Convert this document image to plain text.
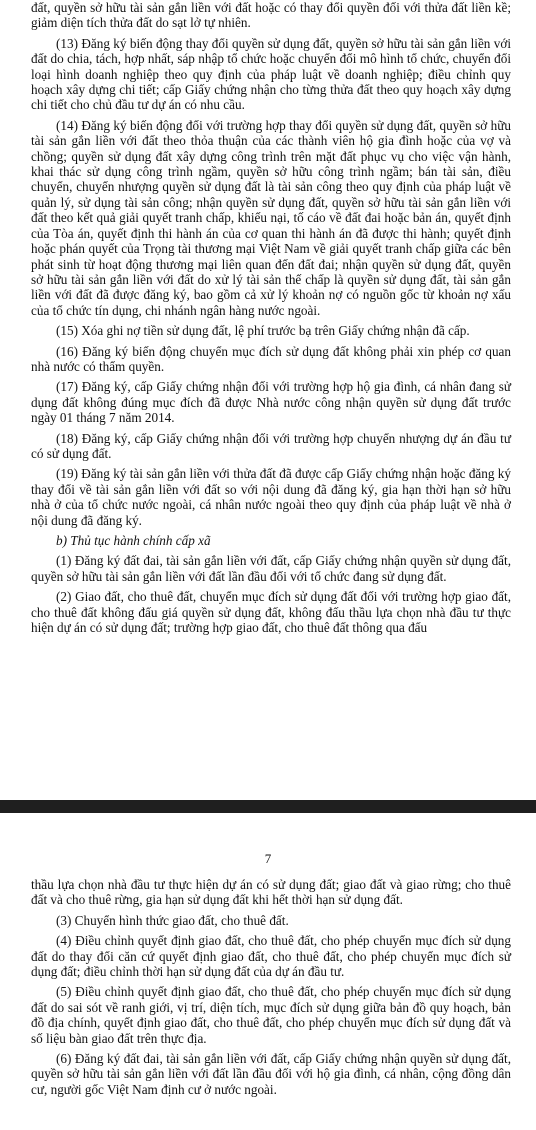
đất, quyền sở hữu tài sản gắn liền với đất hoặc có thay đổi quyền đối với thửa đất liền kề; giảm diện tích thửa đất do sạt lở tự nhiên.

(13) Đăng ký biến động thay đổi quyền sử dụng đất, quyền sở hữu tài sản gắn liền với đất do chia, tách, hợp nhất, sáp nhập tổ chức hoặc chuyển đổi mô hình tổ chức, chuyển đổi loại hình doanh nghiệp theo quy định của pháp luật về doanh nghiệp; điều chỉnh quy hoạch xây dựng chi tiết; cấp Giấy chứng nhận cho từng thửa đất theo quy hoạch xây dựng chi tiết cho chủ đầu tư dự án có nhu cầu.

(14) Đăng ký biến động đối với trường hợp thay đổi quyền sử dụng đất, quyền sở hữu tài sản gắn liền với đất theo thỏa thuận của các thành viên hộ gia đình hoặc của vợ và chồng; quyền sử dụng đất xây dựng công trình trên mặt đất phục vụ cho việc vận hành, khai thác sử dụng công trình ngầm, quyền sở hữu công trình ngầm; bán tài sản, điều chuyển, chuyển nhượng quyền sử dụng đất là tài sản công theo quy định của pháp luật về quản lý, sử dụng tài sản công; nhận quyền sử dụng đất, quyền sở hữu tài sản gắn liền với đất theo kết quả giải quyết tranh chấp, khiếu nại, tố cáo về đất đai hoặc bản án, quyết định của Tòa án, quyết định thi hành án của cơ quan thi hành án đã được thi hành; quyết định hoặc phán quyết của Trọng tài thương mại Việt Nam về giải quyết tranh chấp giữa các bên phát sinh từ hoạt động thương mại liên quan đến đất đai; nhận quyền sử dụng đất, quyền sở hữu tài sản gắn liền với đất do xử lý tài sản thế chấp là quyền sử dụng đất, tài sản gắn liền với đất đã được đăng ký, bao gồm cả xử lý khoản nợ có nguồn gốc từ khoản nợ xấu của tổ chức tín dụng, chi nhánh ngân hàng nước ngoài.

(15) Xóa ghi nợ tiền sử dụng đất, lệ phí trước bạ trên Giấy chứng nhận đã cấp.

(16) Đăng ký biến động chuyển mục đích sử dụng đất không phải xin phép cơ quan nhà nước có thẩm quyền.

(17) Đăng ký, cấp Giấy chứng nhận đối với trường hợp hộ gia đình, cá nhân đang sử dụng đất không đúng mục đích đã được Nhà nước công nhận quyền sử dụng đất trước ngày 01 tháng 7 năm 2014.

(18) Đăng ký, cấp Giấy chứng nhận đối với trường hợp chuyển nhượng dự án đầu tư có sử dụng đất.

(19) Đăng ký tài sản gắn liền với thửa đất đã được cấp Giấy chứng nhận hoặc đăng ký thay đổi về tài sản gắn liền với đất so với nội dung đã đăng ký, gia hạn thời hạn sở hữu nhà ở của tổ chức nước ngoài, cá nhân nước ngoài theo quy định của pháp luật về nhà ở nội dung đã đăng ký.

b) Thủ tục hành chính cấp xã

(1) Đăng ký đất đai, tài sản gắn liền với đất, cấp Giấy chứng nhận quyền sử dụng đất, quyền sở hữu tài sản gắn liền với đất lần đầu đối với tổ chức đang sử dụng đất.

(2) Giao đất, cho thuê đất, chuyển mục đích sử dụng đất đối với trường hợp giao đất, cho thuê đất không đấu giá quyền sử dụng đất, không đấu thầu lựa chọn nhà đầu tư thực hiện dự án có sử dụng đất; trường hợp giao đất, cho thuê đất thông qua đấu

7

thầu lựa chọn nhà đầu tư thực hiện dự án có sử dụng đất; giao đất và giao rừng; cho thuê đất và cho thuê rừng, gia hạn sử dụng đất khi hết thời hạn sử dụng đất.

(3) Chuyển hình thức giao đất, cho thuê đất.

(4) Điều chỉnh quyết định giao đất, cho thuê đất, cho phép chuyển mục đích sử dụng đất do thay đổi căn cứ quyết định giao đất, cho thuê đất, cho phép chuyển mục đích sử dụng đất; điều chỉnh thời hạn sử dụng đất của dự án đầu tư.

(5) Điều chỉnh quyết định giao đất, cho thuê đất, cho phép chuyển mục đích sử dụng đất do sai sót về ranh giới, vị trí, diện tích, mục đích sử dụng giữa bản đồ quy hoạch, bản đồ địa chính, quyết định giao đất, cho thuê đất, cho phép chuyển mục đích sử dụng đất và số liệu bàn giao đất trên thực địa.

(6) Đăng ký đất đai, tài sản gắn liền với đất, cấp Giấy chứng nhận quyền sử dụng đất, quyền sở hữu tài sản gắn liền với đất lần đầu đối với hộ gia đình, cá nhân, cộng đồng dân cư, người gốc Việt Nam định cư ở nước ngoài.
